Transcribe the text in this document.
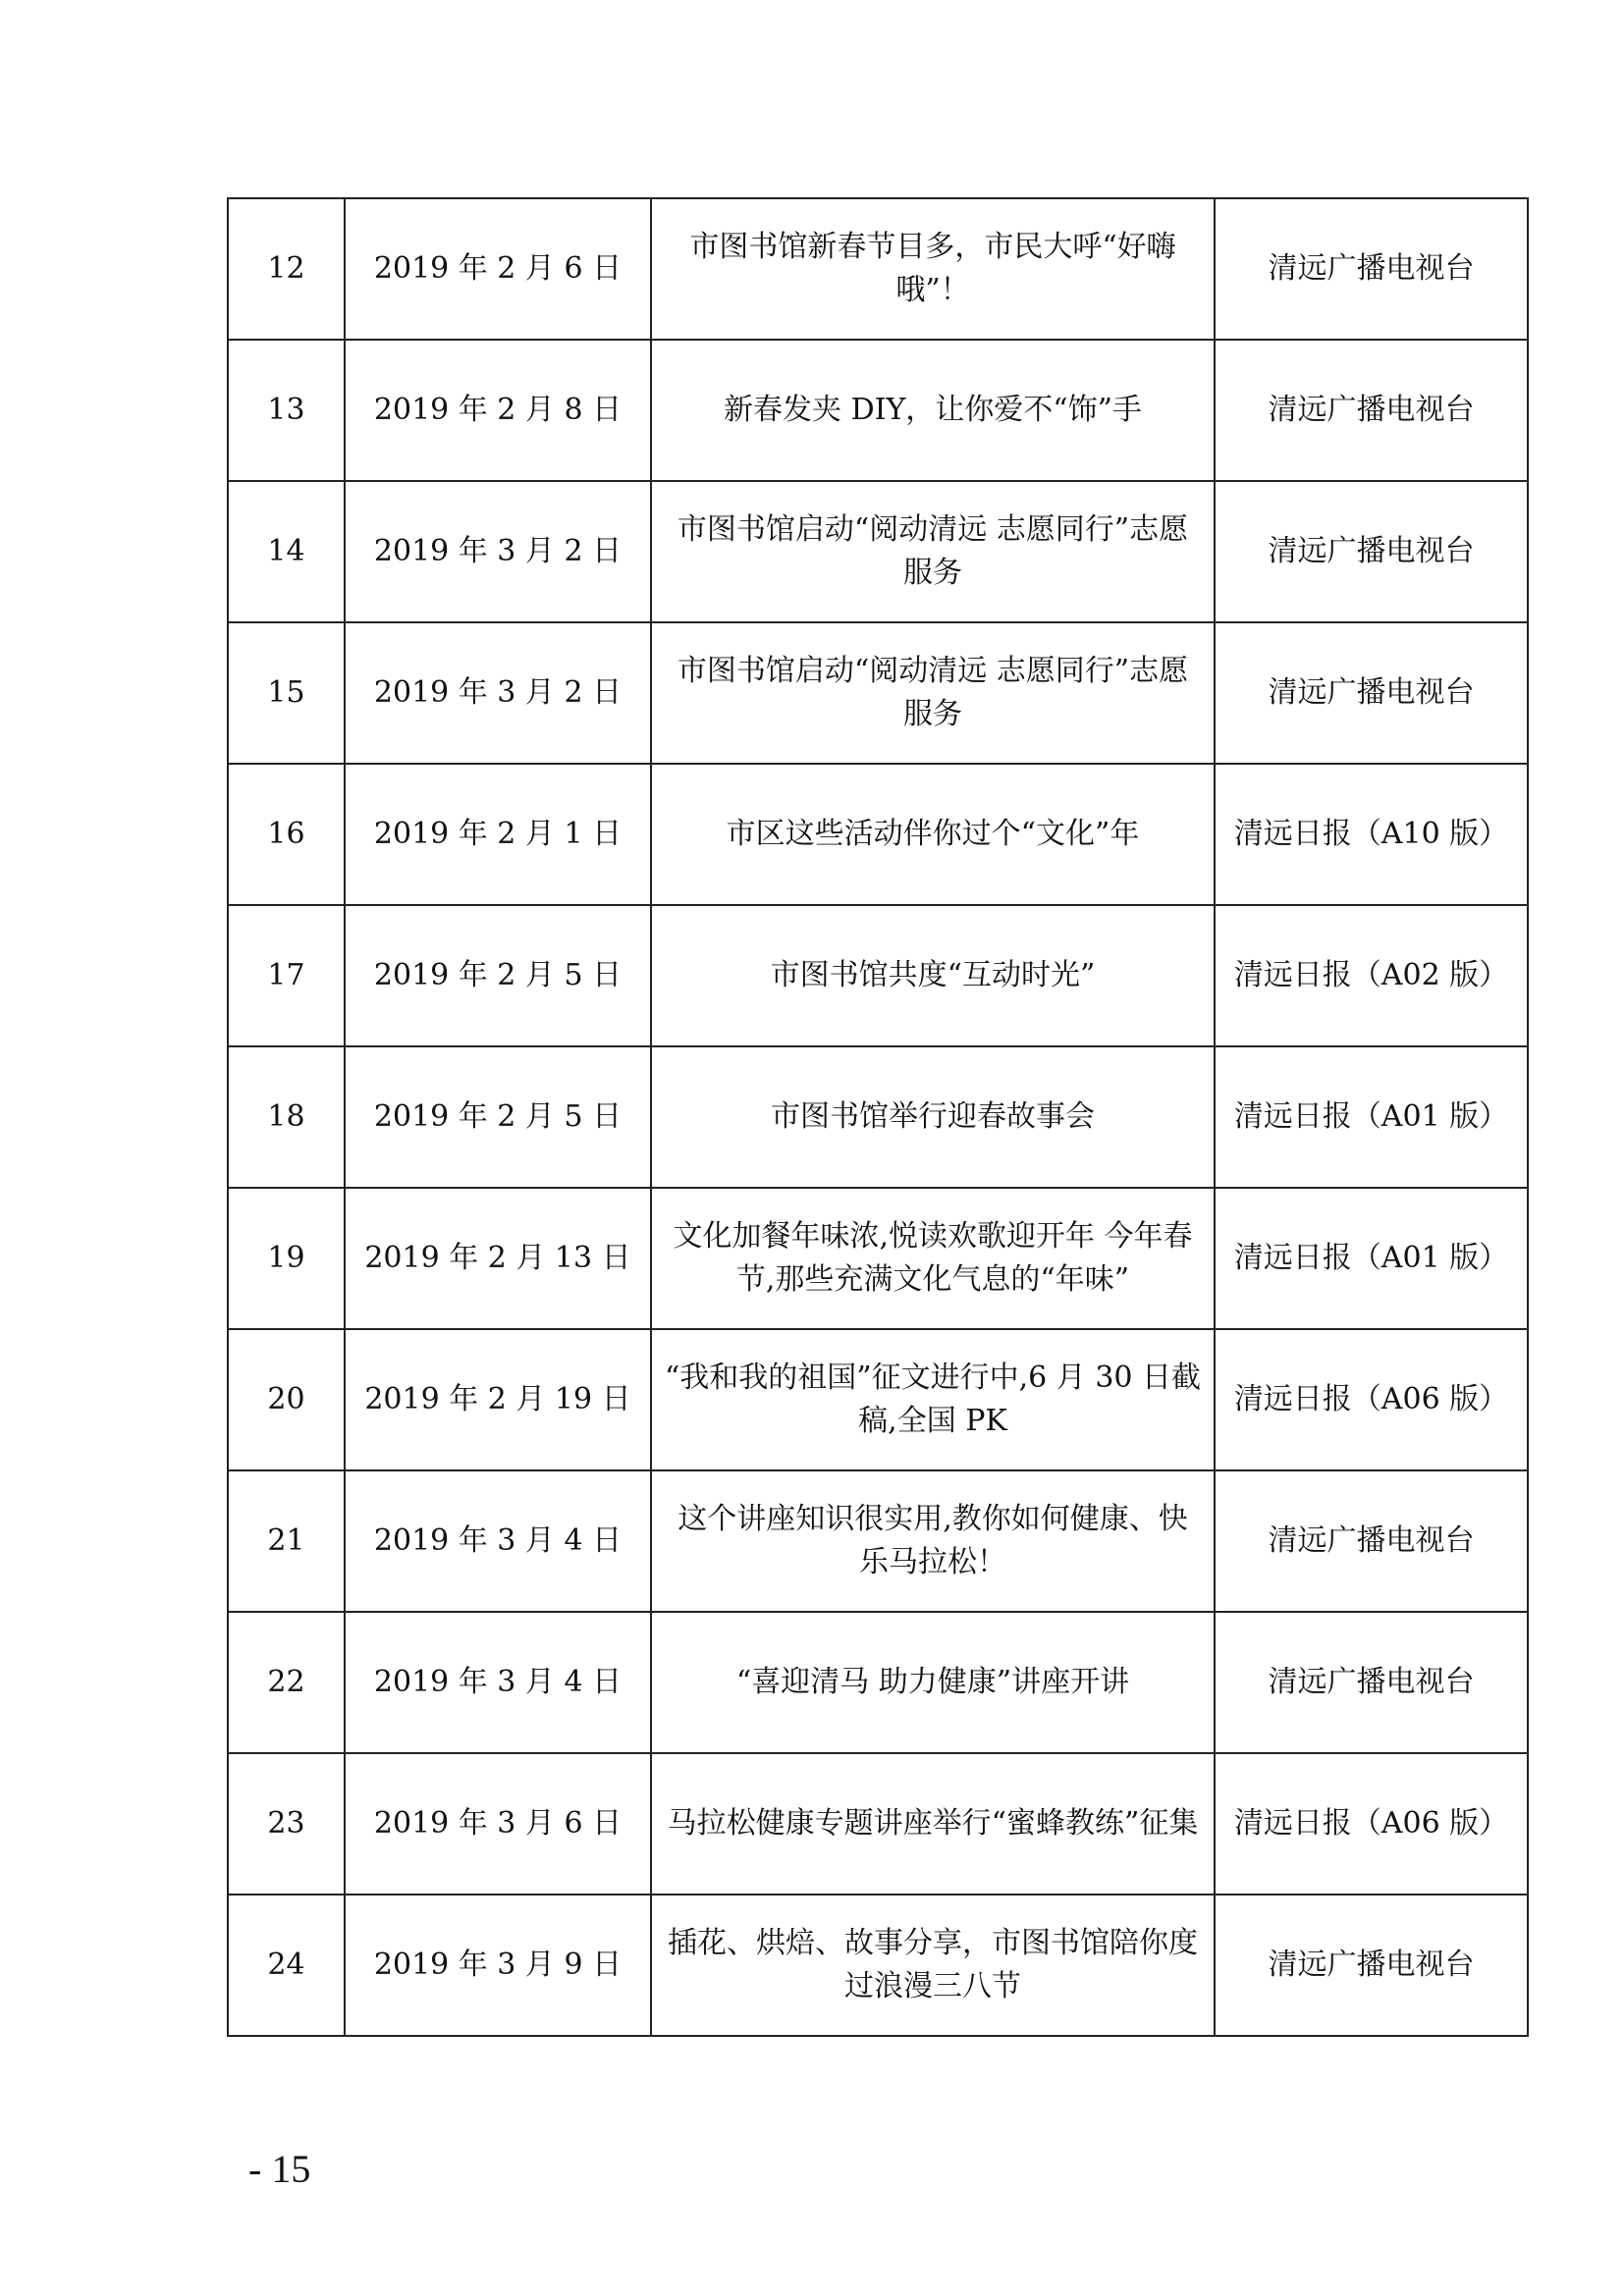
12	2019 年 2 月 6 日	市图书馆新春节目多，市民大呼“好嗨哦”！	清远广播电视台

13	2019 年 2 月 8 日	新春发夹 DIY，让你爱不“饰”手	清远广播电视台

14	2019 年 3 月 2 日	市图书馆启动“阅动清远 志愿同行”志愿服务	清远广播电视台

15	2019 年 3 月 2 日	市图书馆启动“阅动清远 志愿同行”志愿服务	清远广播电视台

16	2019 年 2 月 1 日	市区这些活动伴你过个“文化”年	清远日报（A10 版）

17	2019 年 2 月 5 日	市图书馆共度“互动时光”	清远日报（A02 版）

18	2019 年 2 月 5 日	市图书馆举行迎春故事会	清远日报（A01 版）

19	2019 年 2 月 13 日	文化加餐年味浓,悦读欢歌迎开年 今年春节,那些充满文化气息的“年味”	清远日报（A01 版）

20	2019 年 2 月 19 日	“我和我的祖国”征文进行中,6 月 30 日截稿,全国 PK	清远日报（A06 版）

21	2019 年 3 月 4 日	这个讲座知识很实用,教你如何健康、快乐马拉松！	清远广播电视台

22	2019 年 3 月 4 日	“喜迎清马 助力健康”讲座开讲	清远广播电视台

23	2019 年 3 月 6 日	马拉松健康专题讲座举行“蜜蜂教练”征集	清远日报（A06 版）

24	2019 年 3 月 9 日	插花、烘焙、故事分享，市图书馆陪你度过浪漫三八节	清远广播电视台
- 15
